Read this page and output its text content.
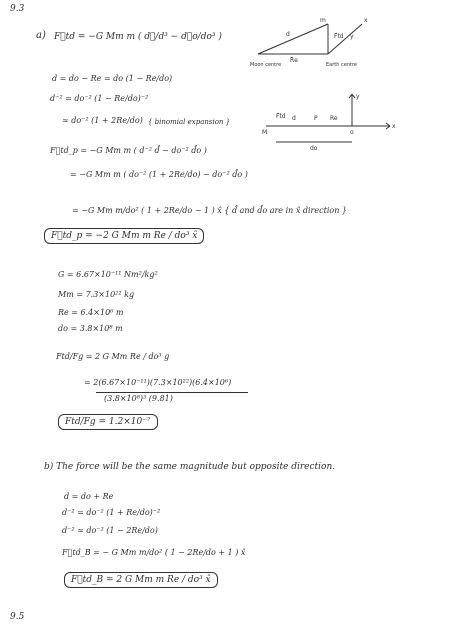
9.3
a) F⃗td = −G Mm m ( d⃗/d³ − d⃗o/do³ )	d
m
F⃗td
R⃗e
Moon centre	Earth centre
x
y
d = do − Re = do (1 − Re/do)
d⁻² = do⁻² (1 − Re/do)⁻²
≈ do⁻² (1 + 2Re/do) { binomial expansion }
F⃗td d	P Re
M	o
do
x
y
F⃗td_p = −G Mm m ( d⁻² d̂ − do⁻² d̂o )
= −G Mm m ( do⁻² (1 + 2Re/do) − do⁻² d̂o )
= −G Mm m/do² ( 1 + 2Re/do − 1 ) x̂ { d̂ and d̂o are in x̂ direction }
F⃗td_p = −2 G Mm m Re / do³ x̂
G = 6.67×10⁻¹¹ Nm²/kg²
Mm = 7.3×10²² kg
Re = 6.4×10⁶ m
do = 3.8×10⁸ m
Ftd/Fg = 2 G Mm Re / do³ g
= 2(6.67×10⁻¹¹)(7.3×10²²)(6.4×10⁶)
(3.8×10⁸)³ (9.81)
Ftd/Fg = 1.2×10⁻⁷
b) The force will be the same magnitude but opposite direction.
d = do + Re
d⁻² = do⁻² (1 + Re/do)⁻²
d⁻² ≈ do⁻² (1 − 2Re/do)
F⃗td_B = − G Mm m/do² ( 1 − 2Re/do + 1 ) x̂
F⃗td_B = 2 G Mm m Re / do³ x̂
9.5
